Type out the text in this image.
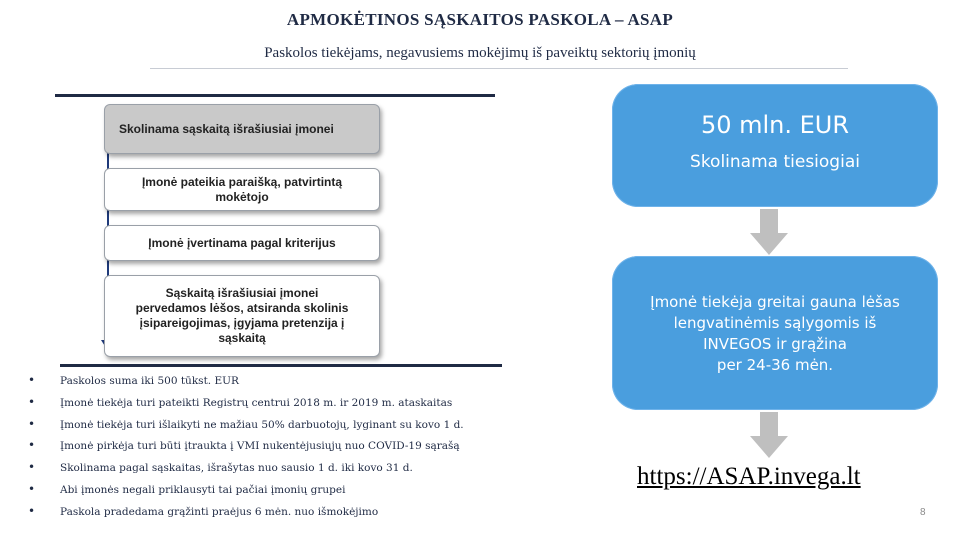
APMOKĖTINOS SĄSKAITOS PASKOLA – ASAP
Paskolos tiekėjams, negavusiems mokėjimų iš paveiktų sektorių įmonių
Skolinama sąskaitą išrašiusiai įmonei
Įmonė pateikia paraišką, patvirtintą mokėtojo
Įmonė įvertinama pagal kriterijus
Sąskaitą išrašiusiai įmonei pervedamos lėšos, atsiranda skolinis įsipareigojimas, įgyjama pretenzija į sąskaitą
• Paskolos suma iki 500 tūkst. EUR
• Įmonė tiekėja turi pateikti Registrų centrui 2018 m. ir 2019 m. ataskaitas
• Įmonė tiekėja turi išlaikyti ne mažiau 50% darbuotojų, lyginant su kovo 1 d.
• Įmonė pirkėja turi būti įtraukta į VMI nukentėjusiųjų nuo COVID-19 sąrašą
• Skolinama pagal sąskaitas, išrašytas nuo sausio 1 d. iki kovo 31 d.
• Abi įmonės negali priklausyti tai pačiai įmonių grupei
• Paskola pradedama grąžinti praėjus 6 mėn. nuo išmokėjimo
50 mln. EUR
Skolinama tiesiogiai
Įmonė tiekėja greitai gauna lėšas
lengvatinėmis sąlygomis iš
INVEGOS ir grąžina
per 24-36 mėn.
https://ASAP.invega.lt
8
